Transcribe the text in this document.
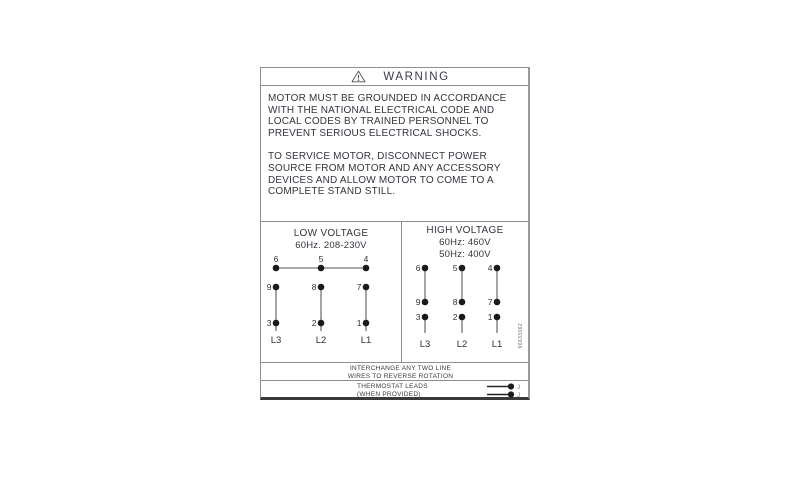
WARNING
MOTOR MUST BE GROUNDED IN ACCORDANCE
WITH THE NATIONAL ELECTRICAL CODE AND
LOCAL CODES BY TRAINED PERSONNEL TO
PREVENT SERIOUS ELECTRICAL SHOCKS.
TO SERVICE MOTOR, DISCONNECT POWER
SOURCE FROM MOTOR AND ANY ACCESSORY
DEVICES AND ALLOW MOTOR TO COME TO A
COMPLETE STAND STILL.
LOW VOLTAGE
60Hz. 208-230V
6	5	4
9	8	7
3	2	1
L3	L2	L1
HIGH VOLTAGE
60Hz: 460V
50Hz: 400V
6	5	4
9	8	7
3	2	1
L3	L2	L1	96633062
INTERCHANGE ANY TWO LINE
WIRES TO REVERSE ROTATION
THERMOSTAT LEADS
(WHEN PROVIDED)
J
J
